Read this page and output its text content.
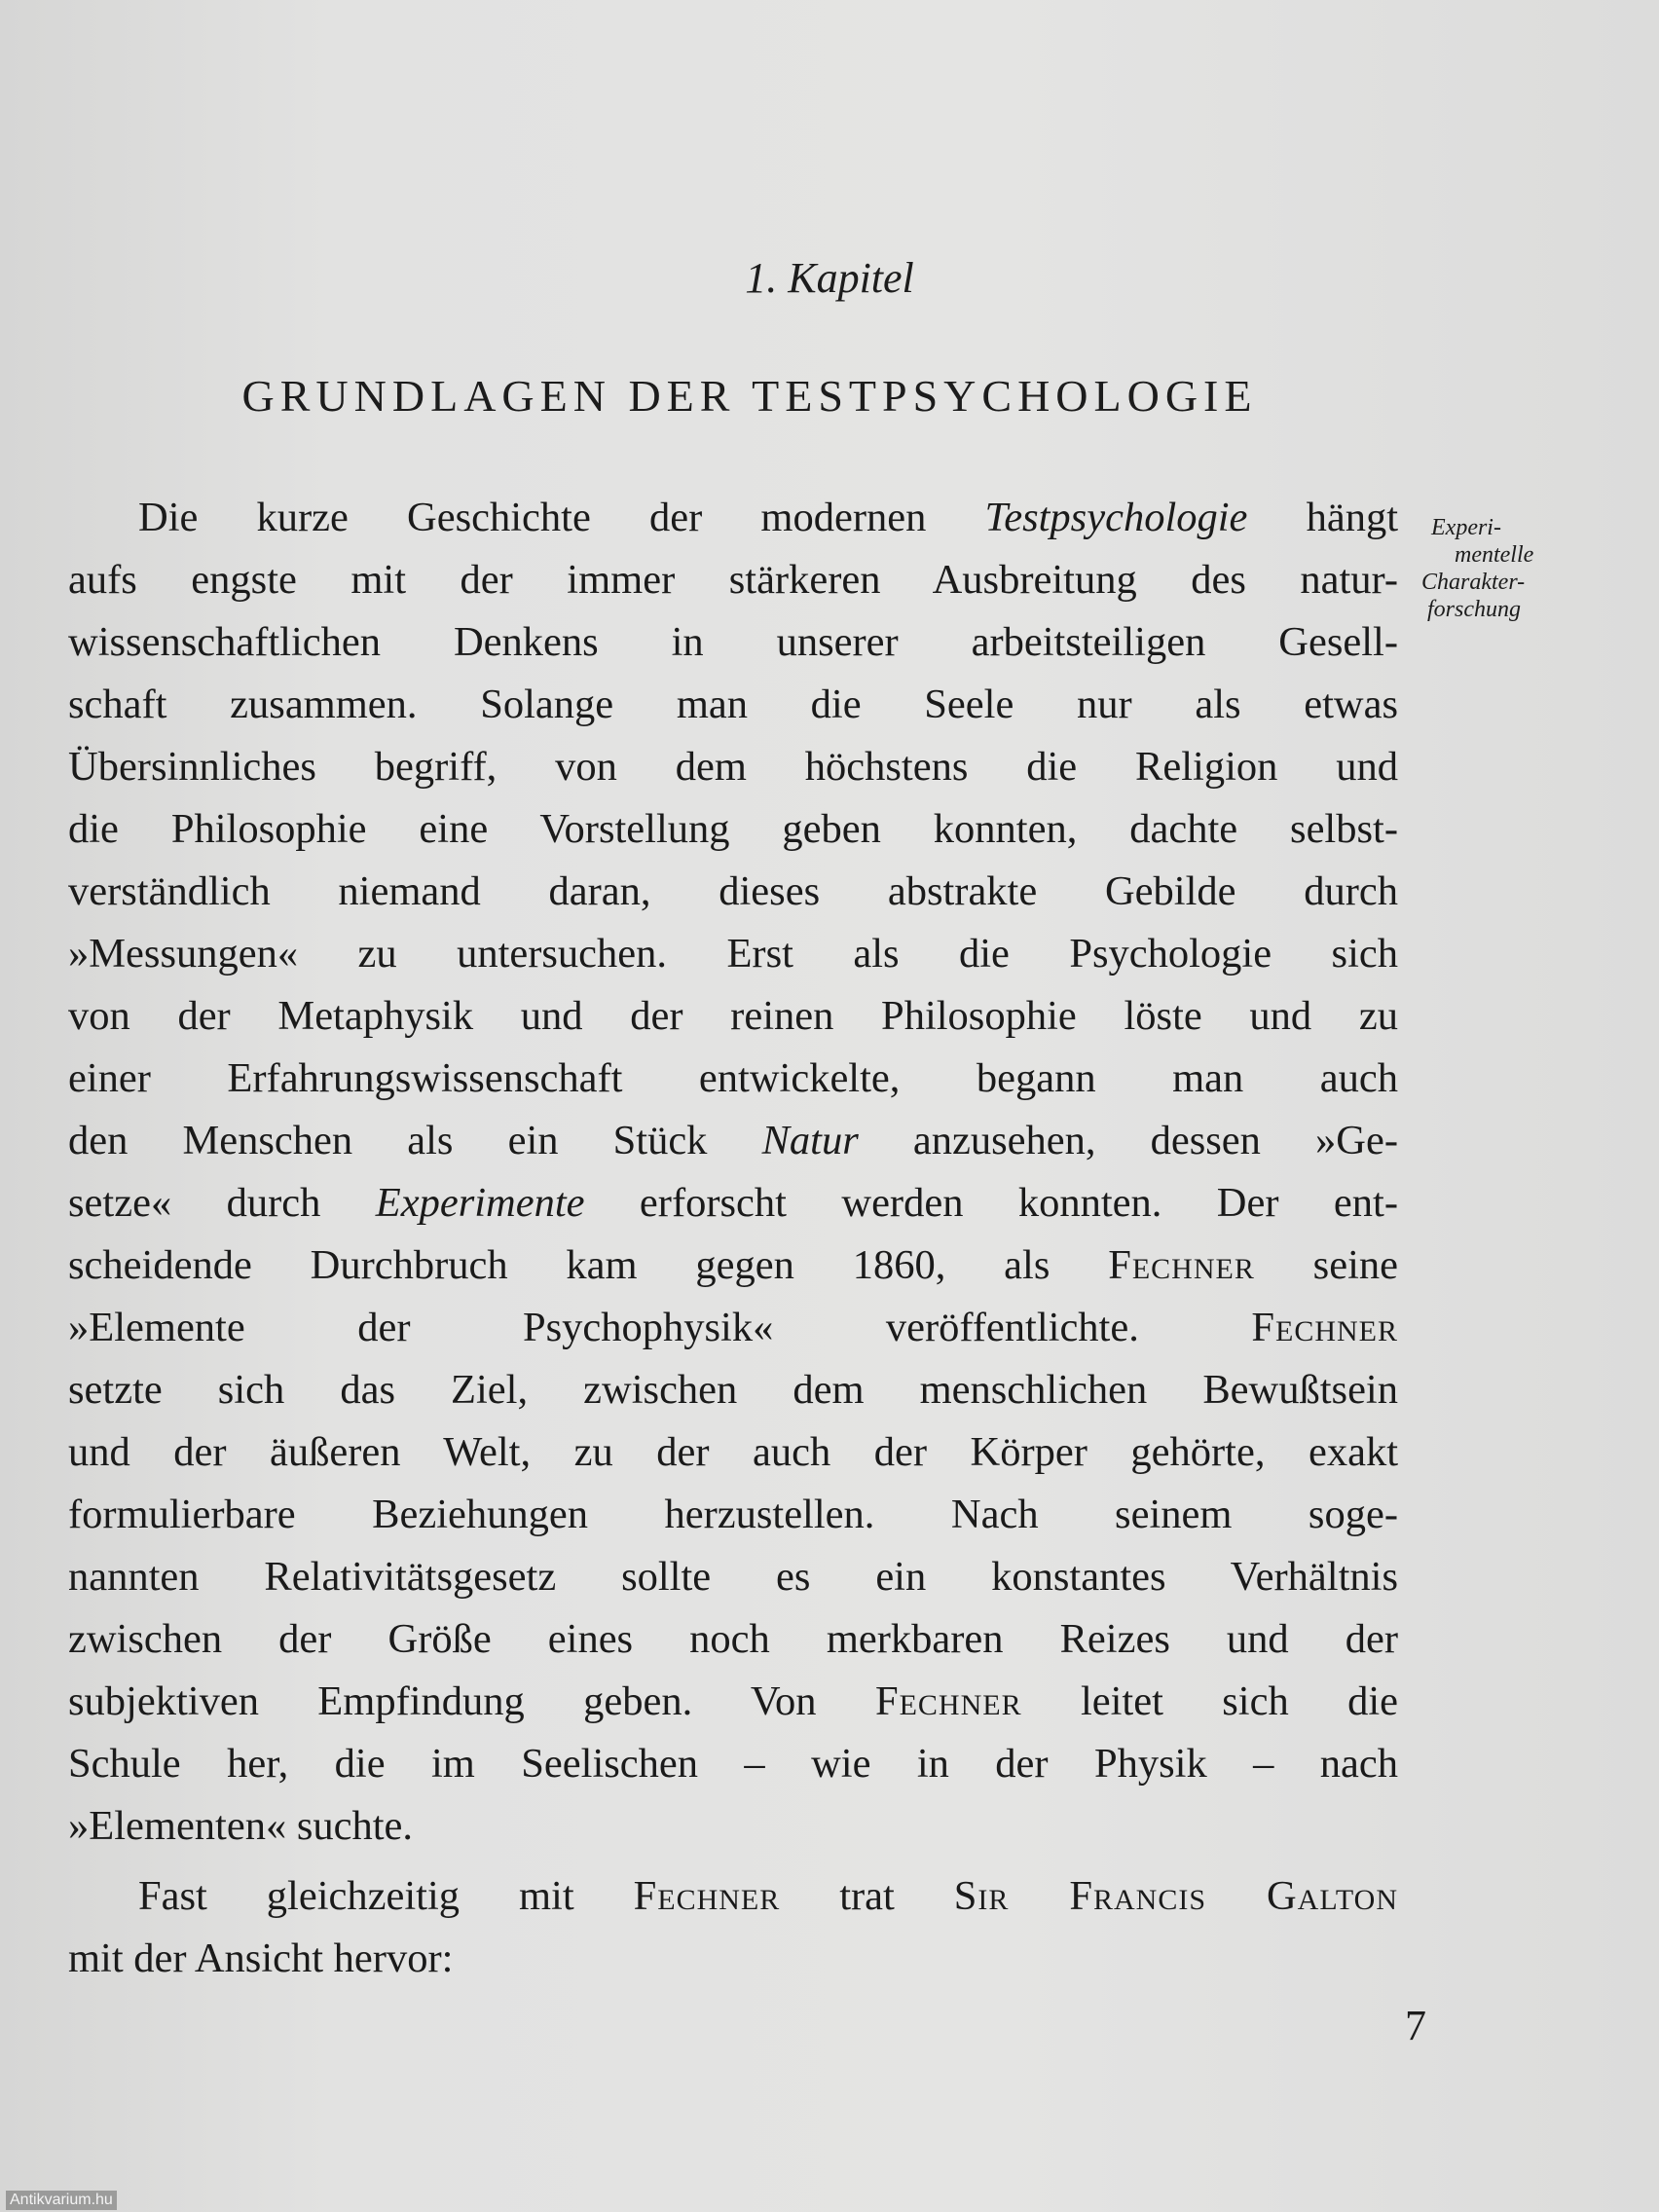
1. Kapitel
GRUNDLAGEN DER TESTPSYCHOLOGIE
Experi-
mentelle
Charakter-
forschung
Die kurze Geschichte der modernen Testpsychologie hängt
aufs engste mit der immer stärkeren Ausbreitung des natur-
wissenschaftlichen Denkens in unserer arbeitsteiligen Gesell-
schaft zusammen. Solange man die Seele nur als etwas
Übersinnliches begriff, von dem höchstens die Religion und
die Philosophie eine Vorstellung geben konnten, dachte selbst-
verständlich niemand daran, dieses abstrakte Gebilde durch
»Messungen« zu untersuchen. Erst als die Psychologie sich
von der Metaphysik und der reinen Philosophie löste und zu
einer Erfahrungswissenschaft entwickelte, begann man auch
den Menschen als ein Stück Natur anzusehen, dessen »Ge-
setze« durch Experimente erforscht werden konnten. Der ent-
scheidende Durchbruch kam gegen 1860, als Fechner seine
»Elemente der Psychophysik« veröffentlichte. Fechner
setzte sich das Ziel, zwischen dem menschlichen Bewußtsein
und der äußeren Welt, zu der auch der Körper gehörte, exakt
formulierbare Beziehungen herzustellen. Nach seinem soge-
nannten Relativitätsgesetz sollte es ein konstantes Verhältnis
zwischen der Größe eines noch merkbaren Reizes und der
subjektiven Empfindung geben. Von Fechner leitet sich die
Schule her, die im Seelischen – wie in der Physik – nach
»Elementen« suchte.
Fast gleichzeitig mit Fechner trat Sir Francis Galton
mit der Ansicht hervor:
7
Antikvarium.hu
